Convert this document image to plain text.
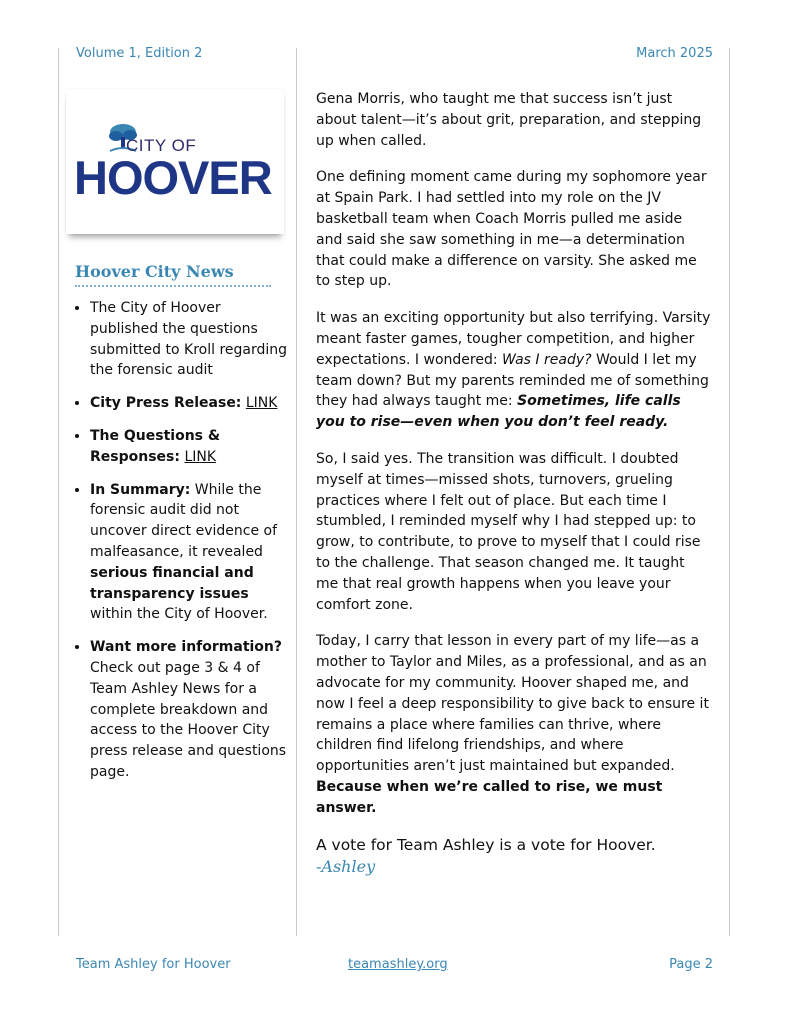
Volume 1, Edition 2	March 2025
CITY OF
HOOVER
Hoover City News
• The City of Hoover published the questions submitted to Kroll regarding the forensic audit
• City Press Release: LINK
• The Questions & Responses: LINK
• In Summary: While the forensic audit did not uncover direct evidence of malfeasance, it revealed serious financial and transparency issues within the City of Hoover.
• Want more information? Check out page 3 & 4 of Team Ashley News for a complete breakdown and access to the Hoover City press release and questions page.

Gena Morris, who taught me that success isn’t just about talent—it’s about grit, preparation, and stepping up when called.

One defining moment came during my sophomore year at Spain Park. I had settled into my role on the JV basketball team when Coach Morris pulled me aside and said she saw something in me—a determination that could make a difference on varsity. She asked me to step up.

It was an exciting opportunity but also terrifying. Varsity meant faster games, tougher competition, and higher expectations. I wondered: Was I ready? Would I let my team down? But my parents reminded me of something they had always taught me: Sometimes, life calls you to rise—even when you don’t feel ready.

So, I said yes. The transition was difficult. I doubted myself at times—missed shots, turnovers, grueling practices where I felt out of place. But each time I stumbled, I reminded myself why I had stepped up: to grow, to contribute, to prove to myself that I could rise to the challenge. That season changed me. It taught me that real growth happens when you leave your comfort zone.

Today, I carry that lesson in every part of my life—as a mother to Taylor and Miles, as a professional, and as an advocate for my community. Hoover shaped me, and now I feel a deep responsibility to give back to ensure it remains a place where families can thrive, where children find lifelong friendships, and where opportunities aren’t just maintained but expanded. Because when we’re called to rise, we must answer.

A vote for Team Ashley is a vote for Hoover.

-Ashley
Team Ashley for Hoover	teamashley.org	Page 2
